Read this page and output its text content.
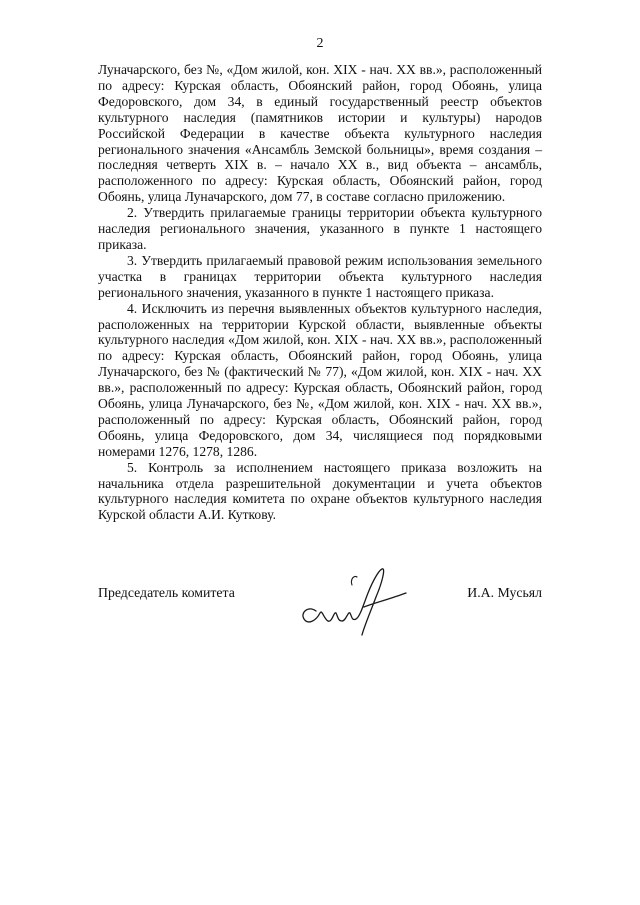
2

Луначарского, без №, «Дом жилой, кон. XIX - нач. XX вв.», расположенный по адресу: Курская область, Обоянский район, город Обоянь, улица Федоровского, дом 34, в единый государственный реестр объектов культурного наследия (памятников истории и культуры) народов Российской Федерации в качестве объекта культурного наследия регионального значения «Ансамбль Земской больницы», время создания – последняя четверть XIX в. – начало XX в., вид объекта – ансамбль, расположенного по адресу: Курская область, Обоянский район, город Обоянь, улица Луначарского, дом 77, в составе согласно приложению.

2. Утвердить прилагаемые границы территории объекта культурного наследия регионального значения, указанного в пункте 1 настоящего приказа.

3. Утвердить прилагаемый правовой режим использования земельного участка в границах территории объекта культурного наследия регионального значения, указанного в пункте 1 настоящего приказа.

4. Исключить из перечня выявленных объектов культурного наследия, расположенных на территории Курской области, выявленные объекты культурного наследия «Дом жилой, кон. XIX - нач. XX вв.», расположенный по адресу: Курская область, Обоянский район, город Обоянь, улица Луначарского, без № (фактический № 77), «Дом жилой, кон. XIX - нач. XX вв.», расположенный по адресу: Курская область, Обоянский район, город Обоянь, улица Луначарского, без №, «Дом жилой, кон. XIX - нач. XX вв.», расположенный по адресу: Курская область, Обоянский район, город Обоянь, улица Федоровского, дом 34, числящиеся под порядковыми номерами 1276, 1278, 1286.

5. Контроль за исполнением настоящего приказа возложить на начальника отдела разрешительной документации и учета объектов культурного наследия комитета по охране объектов культурного наследия Курской области А.И. Куткову.

Председатель комитета	И.А. Мусьял
